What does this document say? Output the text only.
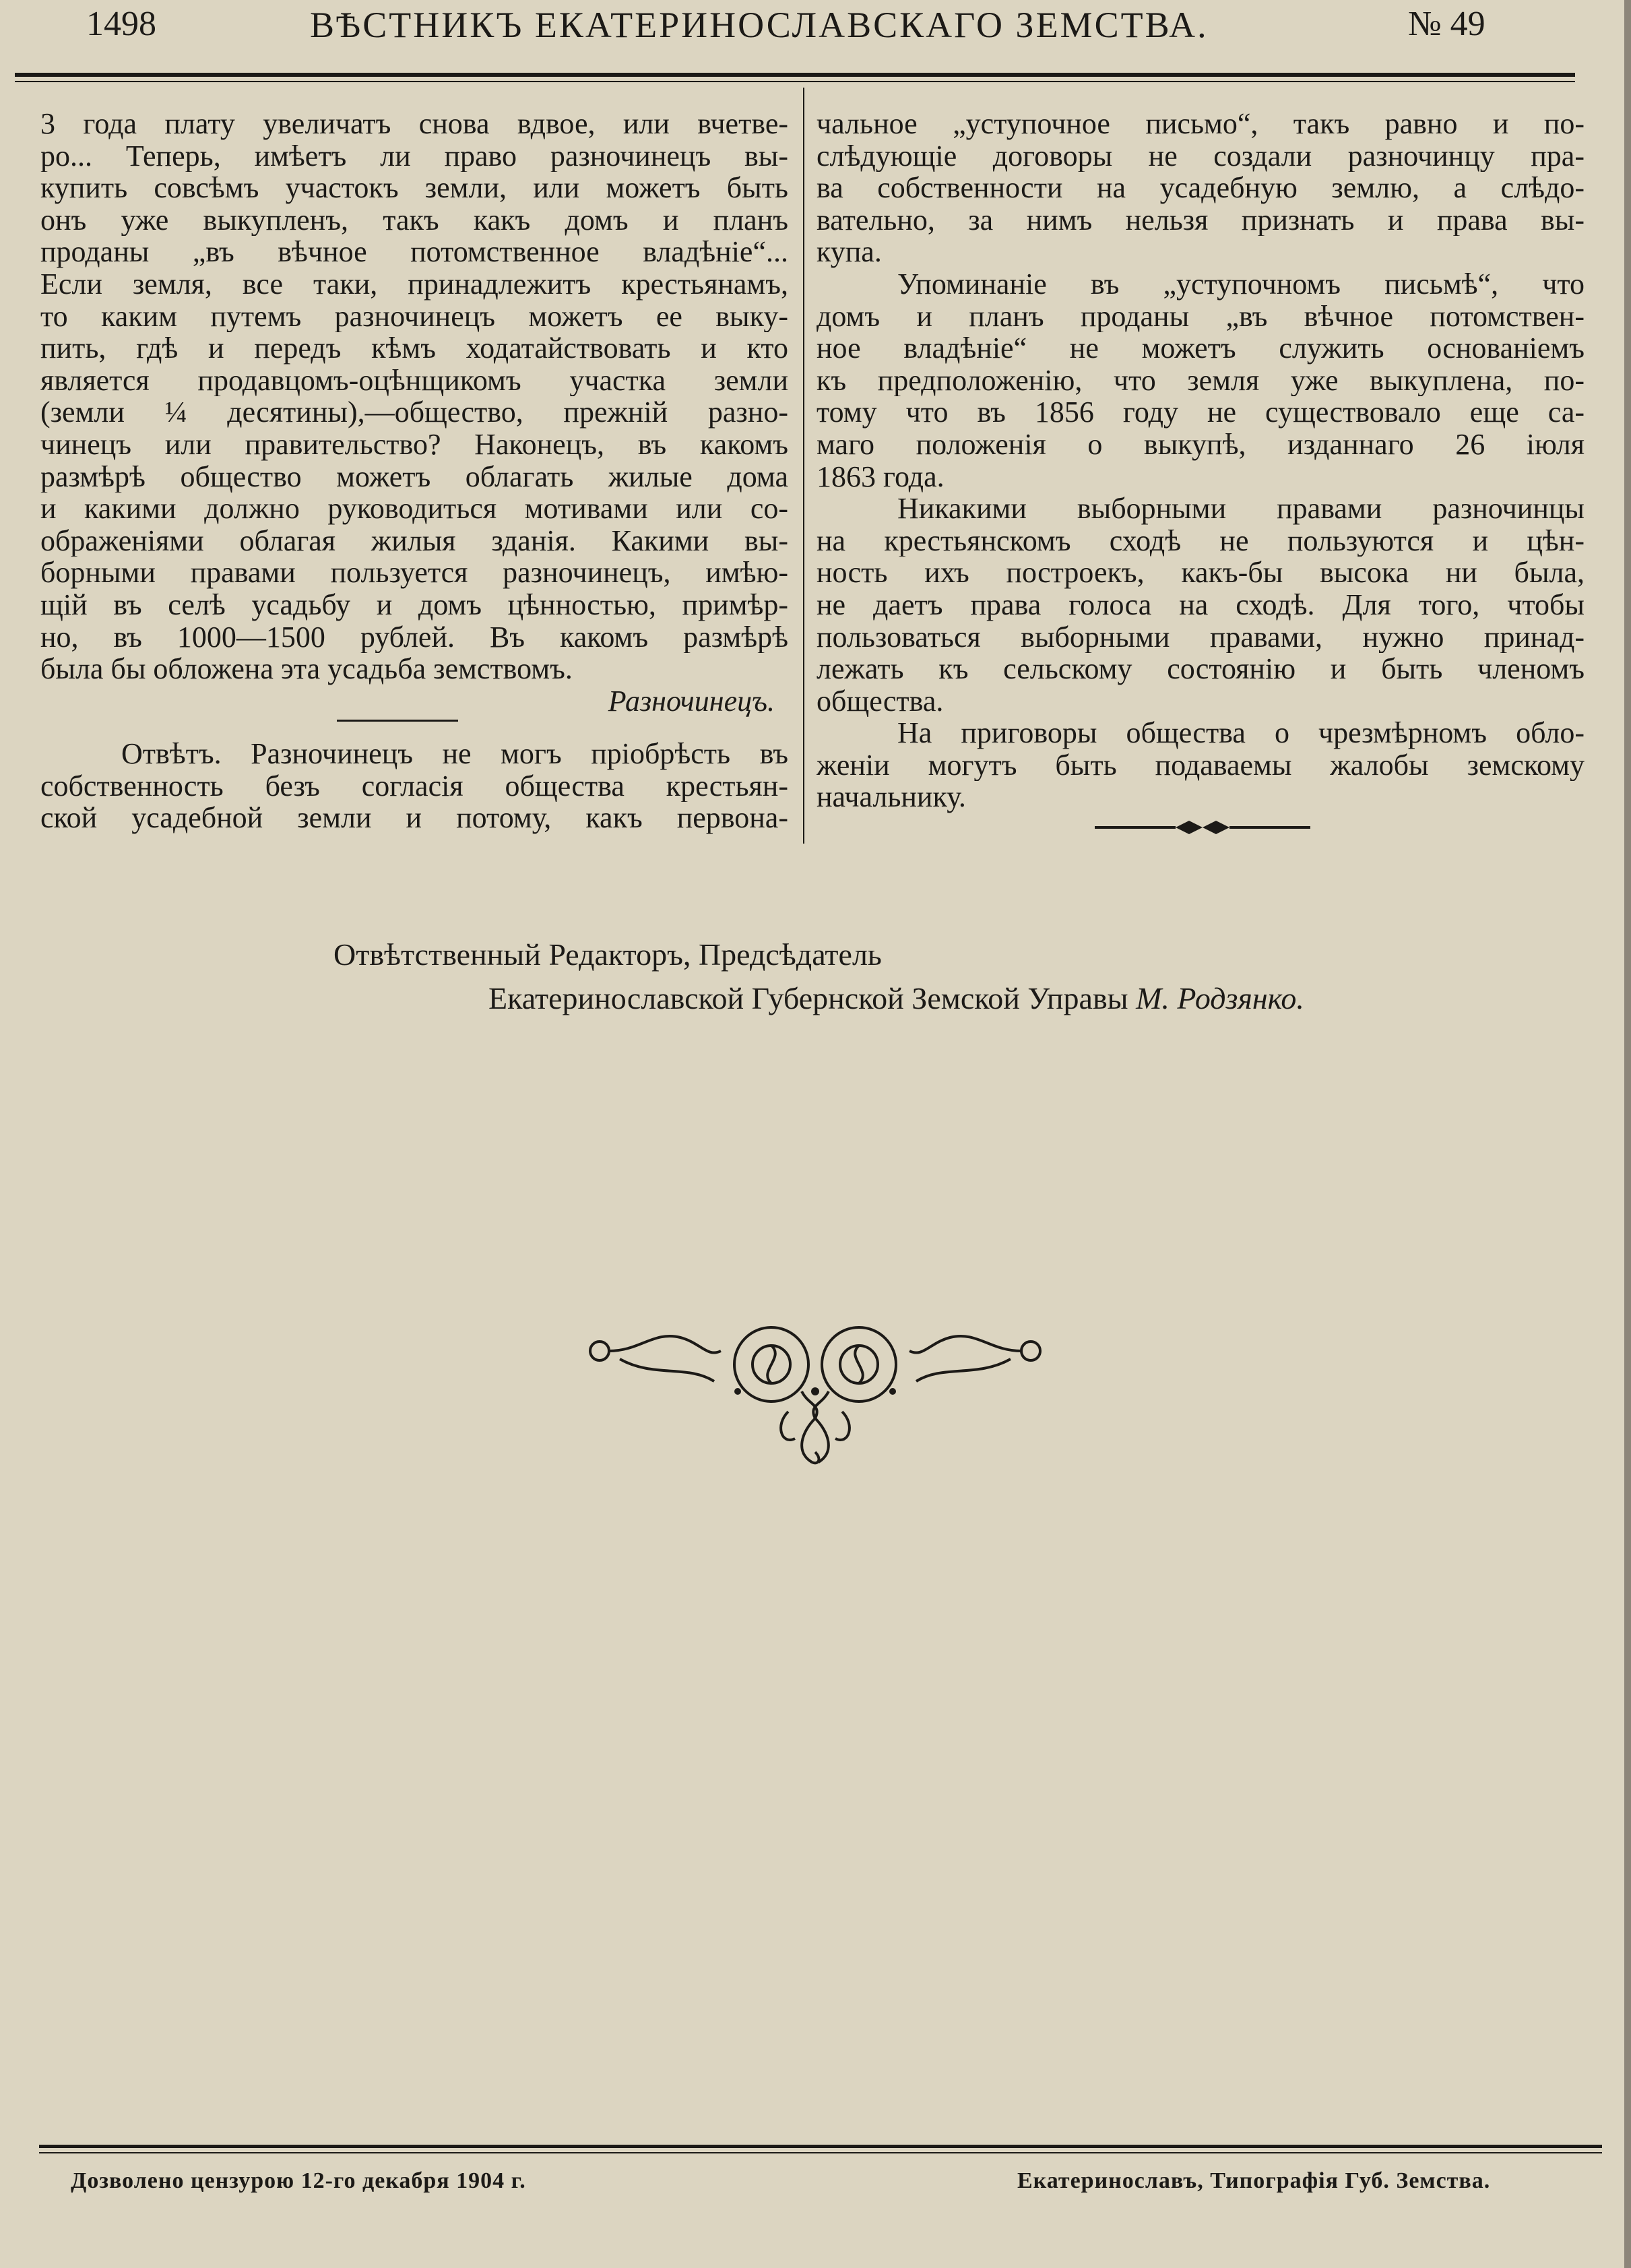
1498	ВѢСТНИКЪ ЕКАТЕРИНОСЛАВСКАГО ЗЕМСТВА.	№ 49
3 года плату увеличатъ снова вдвое, или вчетве-
ро... Теперь, имѣетъ ли право разночинецъ вы-
купить совсѣмъ участокъ земли, или можетъ быть
онъ уже выкупленъ, такъ какъ домъ и планъ
проданы „въ вѣчное потомственное владѣніе“...
Если земля, все таки, принадлежитъ крестьянамъ,
то каким путемъ разночинецъ можетъ ее выку-
пить, гдѣ и передъ кѣмъ ходатайствовать и кто
является продавцомъ-оцѣнщикомъ участка земли
(земли ¼ десятины),—общество, прежній разно-
чинецъ или правительство? Наконецъ, въ какомъ
размѣрѣ общество можетъ облагать жилые дома
и какими должно руководиться мотивами или со-
ображеніями облагая жилыя зданія. Какими вы-
борными правами пользуется разночинецъ, имѣю-
щій въ селѣ усадьбу и домъ цѣнностью, примѣр-
но, въ 1000—1500 рублей. Въ какомъ размѣрѣ
была бы обложена эта усадьба земствомъ.
Разночинецъ.
Отвѣтъ. Разночинецъ не могъ пріобрѣсть въ
собственность безъ согласія общества крестьян-
ской усадебной земли и потому, какъ первона-
чальное „уступочное письмо“, такъ равно и по-
слѣдующіе договоры не создали разночинцу пра-
ва собственности на усадебную землю, а слѣдо-
вательно, за нимъ нельзя признать и права вы-
купа.
Упоминаніе въ „уступочномъ письмѣ“, что
домъ и планъ проданы „въ вѣчное потомствен-
ное владѣніе“ не можетъ служить основаніемъ
къ предположенію, что земля уже выкуплена, по-
тому что въ 1856 году не существовало еще са-
маго положенія о выкупѣ, изданнаго 26 іюля
1863 года.
Никакими выборными правами разночинцы
на крестьянскомъ сходѣ не пользуются и цѣн-
ность ихъ построекъ, какъ-бы высока ни была,
не даетъ права голоса на сходѣ. Для того, чтобы
пользоваться выборными правами, нужно принад-
лежать къ сельскому состоянію и быть членомъ
общества.
На приговоры общества о чрезмѣрномъ обло-
женіи могутъ быть подаваемы жалобы земскому
начальнику.
Отвѣтственный Редакторъ, Предсѣдатель
Екатеринославской Губернской Земской Управы М. Родзянко.
Дозволено цензурою 12-го декабря 1904 г.	Екатеринославъ, Типографія Губ. Земства.
